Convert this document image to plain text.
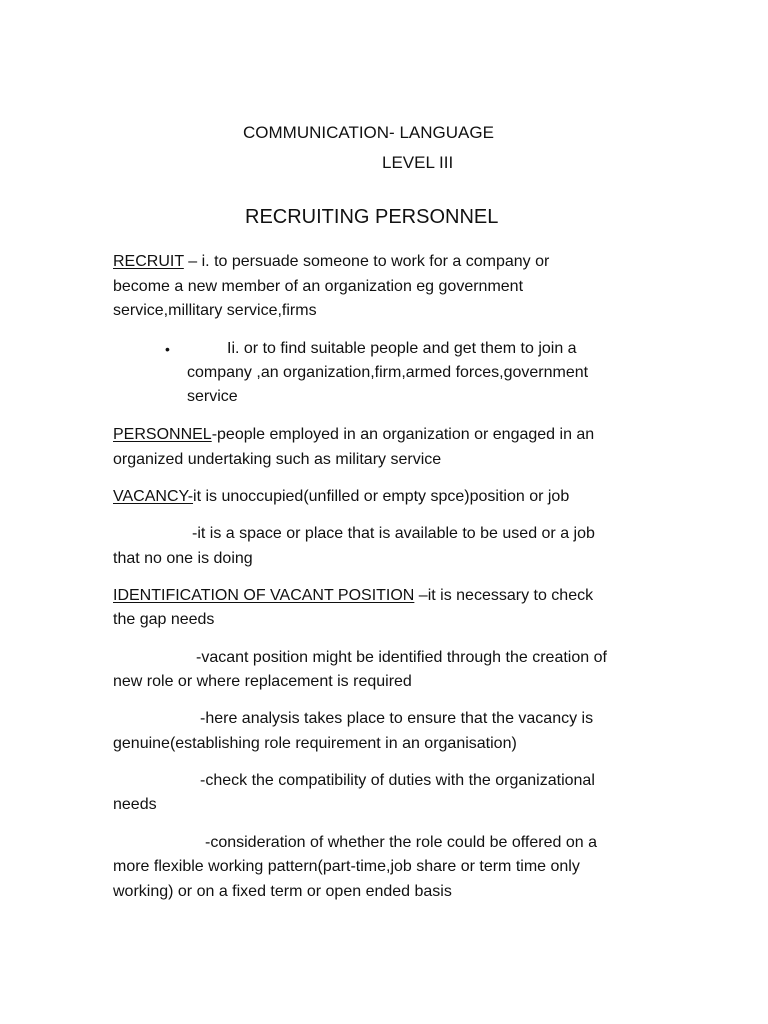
COMMUNICATION- LANGUAGE
LEVEL III
RECRUITING PERSONNEL
RECRUIT – i. to persuade someone to work for a company or
become a new member of an organization eg government
service,millitary service,firms
•	Ii. or to find suitable people and get them to join a
company ,an organization,firm,armed forces,government
service
PERSONNEL-people employed in an organization or engaged in an
organized undertaking such as military service
VACANCY-it is unoccupied(unfilled or empty spce)position or job
-it is a space or place that is available to be used or a job
that no one is doing
IDENTIFICATION OF VACANT POSITION –it is necessary to check
the gap needs
-vacant position might be identified through the creation of
new role or where replacement is required
-here analysis takes place to ensure that the vacancy is
genuine(establishing role requirement in an organisation)
-check the compatibility of duties with the organizational
needs
-consideration of whether the role could be offered on a
more flexible working pattern(part-time,job share or term time only
working) or on a fixed term or open ended basis
